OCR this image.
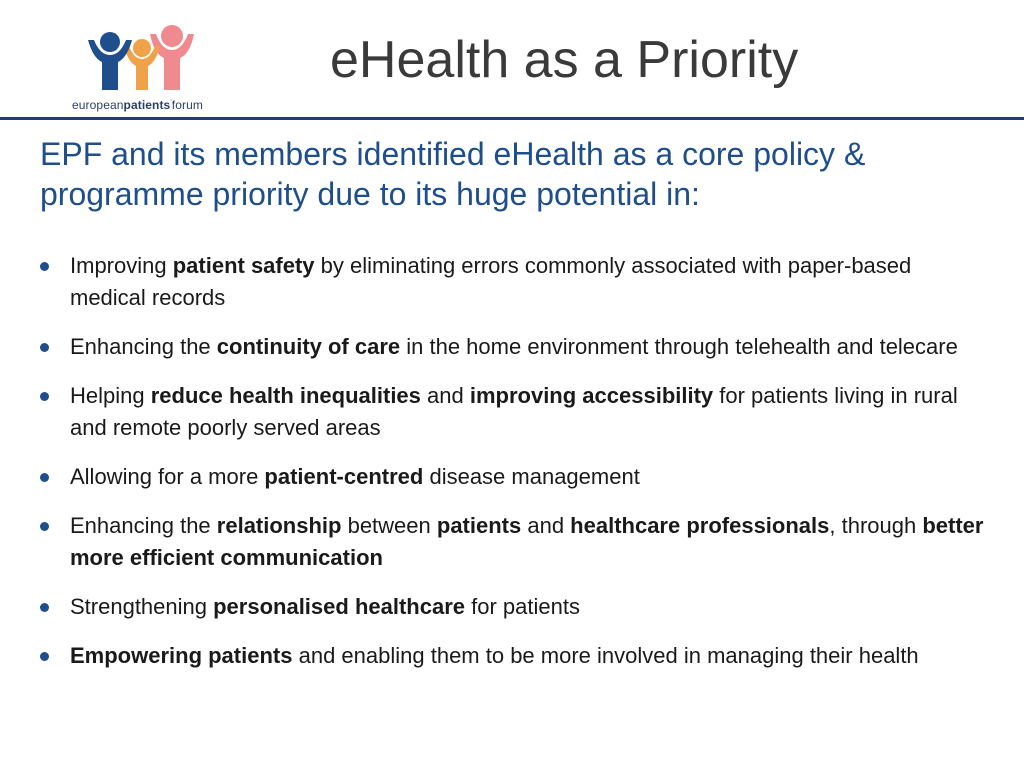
europeanpatients’forum
eHealth as a Priority

EPF and its members identified eHealth as a core policy & programme priority due to its huge potential in:

Improving patient safety by eliminating errors commonly associated with paper-based medical records
Enhancing the continuity of care in the home environment through telehealth and telecare
Helping reduce health inequalities and improving accessibility for patients living in rural and remote poorly served areas
Allowing for a more patient-centred disease management
Enhancing the relationship between patients and healthcare professionals, through better more efficient communication
Strengthening personalised healthcare for patients
Empowering patients and enabling them to be more involved in managing their health
